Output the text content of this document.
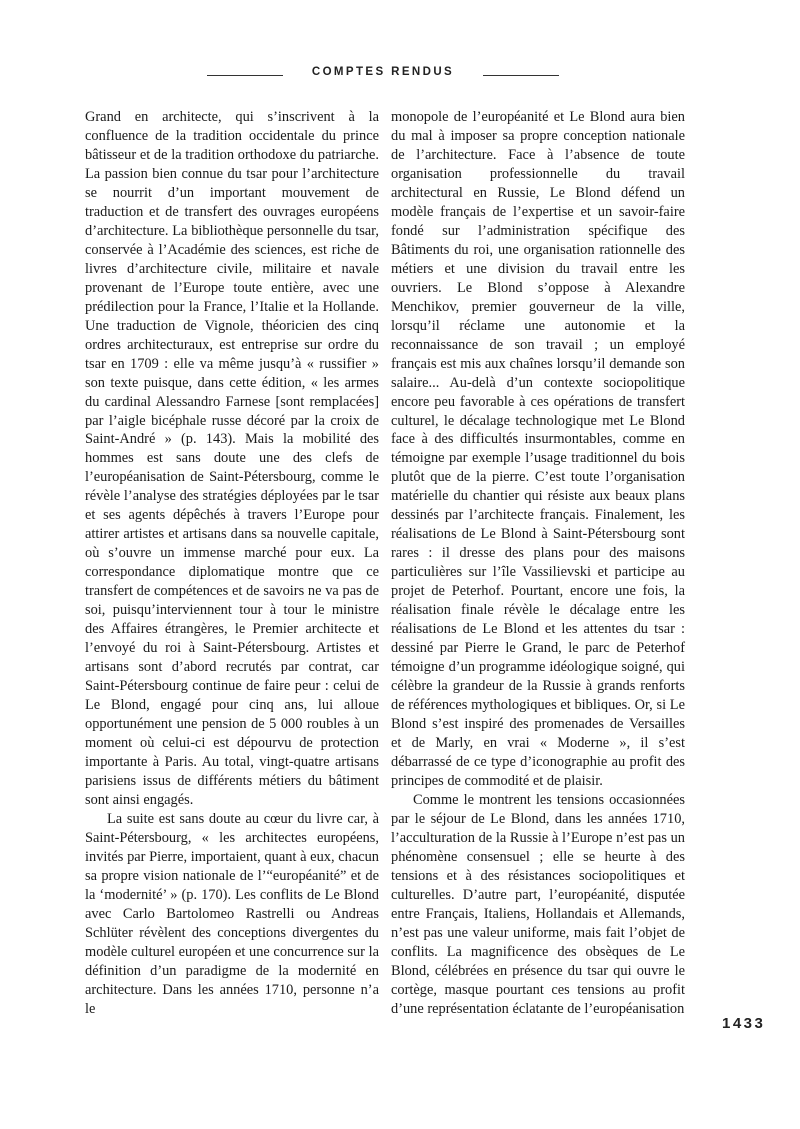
COMPTES RENDUS

Grand en architecte, qui s’inscrivent à la confluence de la tradition occidentale du prince bâtisseur et de la tradition orthodoxe du patriarche. La passion bien connue du tsar pour l’architecture se nourrit d’un important mouvement de traduction et de transfert des ouvrages européens d’architecture. La bibliothèque personnelle du tsar, conservée à l’Académie des sciences, est riche de livres d’architecture civile, militaire et navale provenant de l’Europe toute entière, avec une prédilection pour la France, l’Italie et la Hollande. Une traduction de Vignole, théoricien des cinq ordres architecturaux, est entreprise sur ordre du tsar en 1709 : elle va même jusqu’à « russifier » son texte puisque, dans cette édition, « les armes du cardinal Alessandro Farnese [sont remplacées] par l’aigle bicéphale russe décoré par la croix de Saint-André » (p. 143). Mais la mobilité des hommes est sans doute une des clefs de l’européanisation de Saint-Pétersbourg, comme le révèle l’analyse des stratégies déployées par le tsar et ses agents dépêchés à travers l’Europe pour attirer artistes et artisans dans sa nouvelle capitale, où s’ouvre un immense marché pour eux. La correspondance diplomatique montre que ce transfert de compétences et de savoirs ne va pas de soi, puisqu’interviennent tour à tour le ministre des Affaires étrangères, le Premier architecte et l’envoyé du roi à Saint-Pétersbourg. Artistes et artisans sont d’abord recrutés par contrat, car Saint-Pétersbourg continue de faire peur : celui de Le Blond, engagé pour cinq ans, lui alloue opportunément une pension de 5 000 roubles à un moment où celui-ci est dépourvu de protection importante à Paris. Au total, vingt-quatre artisans parisiens issus de différents métiers du bâtiment sont ainsi engagés.

La suite est sans doute au cœur du livre car, à Saint-Pétersbourg, « les architectes européens, invités par Pierre, importaient, quant à eux, chacun sa propre vision nationale de l’“européanité” et de la ‘modernité’ » (p. 170). Les conflits de Le Blond avec Carlo Bartolomeo Rastrelli ou Andreas Schlüter révèlent des conceptions divergentes du modèle culturel européen et une concurrence sur la définition d’un paradigme de la modernité en architecture. Dans les années 1710, personne n’a le

monopole de l’européanité et Le Blond aura bien du mal à imposer sa propre conception nationale de l’architecture. Face à l’absence de toute organisation professionnelle du travail architectural en Russie, Le Blond défend un modèle français de l’expertise et un savoir-faire fondé sur l’administration spécifique des Bâtiments du roi, une organisation rationnelle des métiers et une division du travail entre les ouvriers. Le Blond s’oppose à Alexandre Menchikov, premier gouverneur de la ville, lorsqu’il réclame une autonomie et la reconnaissance de son travail ; un employé français est mis aux chaînes lorsqu’il demande son salaire... Au-delà d’un contexte sociopolitique encore peu favorable à ces opérations de transfert culturel, le décalage technologique met Le Blond face à des difficultés insurmontables, comme en témoigne par exemple l’usage traditionnel du bois plutôt que de la pierre. C’est toute l’organisation matérielle du chantier qui résiste aux beaux plans dessinés par l’architecte français. Finalement, les réalisations de Le Blond à Saint-Pétersbourg sont rares : il dresse des plans pour des maisons particulières sur l’île Vassilievski et participe au projet de Peterhof. Pourtant, encore une fois, la réalisation finale révèle le décalage entre les réalisations de Le Blond et les attentes du tsar : dessiné par Pierre le Grand, le parc de Peterhof témoigne d’un programme idéologique soigné, qui célèbre la grandeur de la Russie à grands renforts de références mythologiques et bibliques. Or, si Le Blond s’est inspiré des promenades de Versailles et de Marly, en vrai « Moderne », il s’est débarrassé de ce type d’iconographie au profit des principes de commodité et de plaisir.

Comme le montrent les tensions occasionnées par le séjour de Le Blond, dans les années 1710, l’acculturation de la Russie à l’Europe n’est pas un phénomène consensuel ; elle se heurte à des tensions et à des résistances sociopolitiques et culturelles. D’autre part, l’européanité, disputée entre Français, Italiens, Hollandais et Allemands, n’est pas une valeur uniforme, mais fait l’objet de conflits. La magnificence des obsèques de Le Blond, célébrées en présence du tsar qui ouvre le cortège, masque pourtant ces tensions au profit d’une représentation éclatante de l’européanisation

1433
